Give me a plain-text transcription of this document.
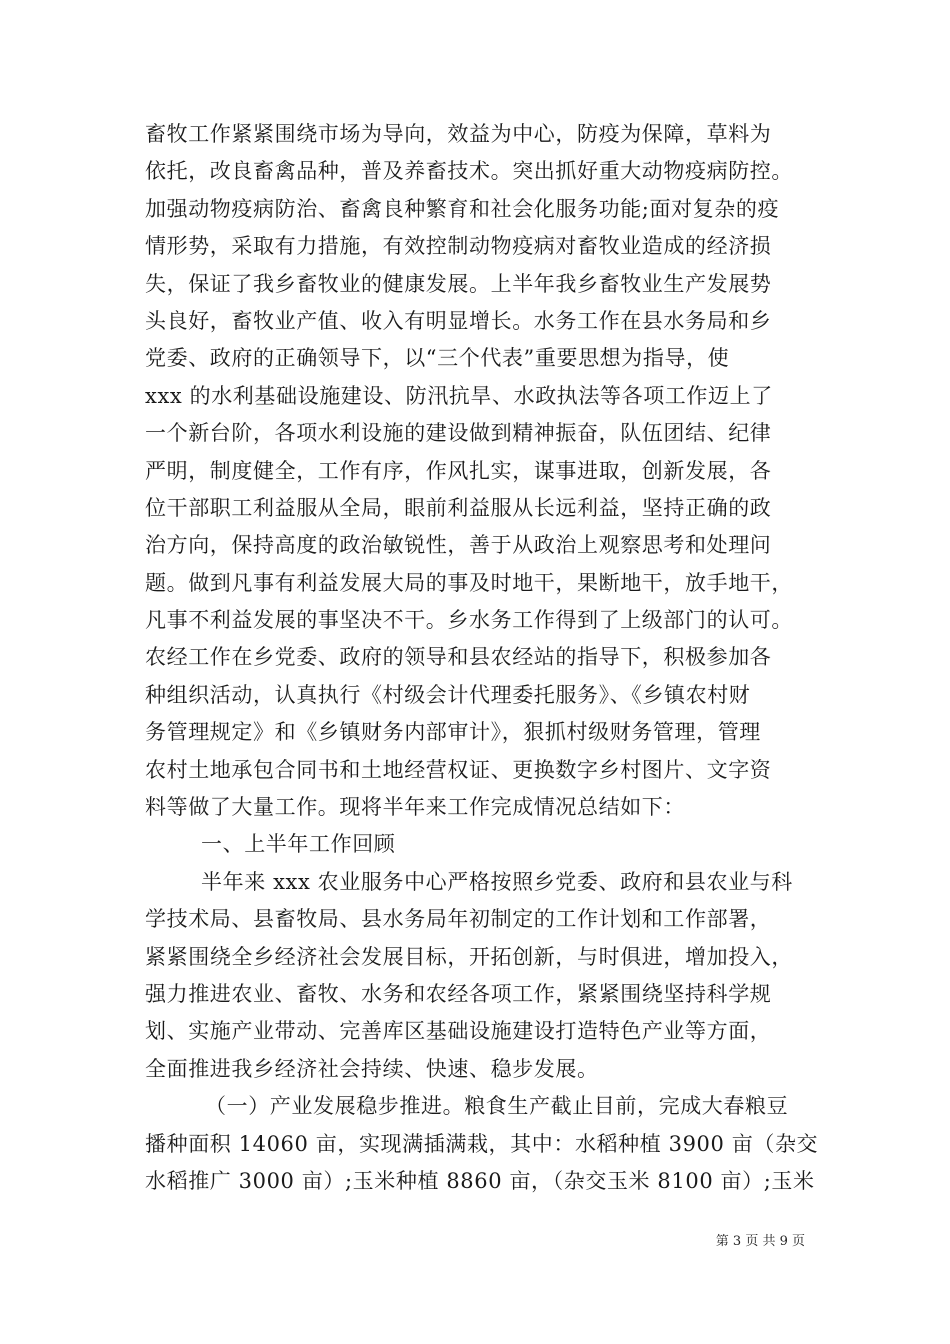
畜牧工作紧紧围绕市场为导向，效益为中心，防疫为保障，草料为
依托，改良畜禽品种，普及养畜技术。突出抓好重大动物疫病防控。
加强动物疫病防治、畜禽良种繁育和社会化服务功能;面对复杂的疫
情形势，采取有力措施，有效控制动物疫病对畜牧业造成的经济损
失，保证了我乡畜牧业的健康发展。上半年我乡畜牧业生产发展势
头良好，畜牧业产值、收入有明显增长。水务工作在县水务局和乡
党委、政府的正确领导下，以“三个代表”重要思想为指导，使
xxx 的水利基础设施建设、防汛抗旱、水政执法等各项工作迈上了
一个新台阶，各项水利设施的建设做到精神振奋，队伍团结、纪律
严明，制度健全，工作有序，作风扎实，谋事进取，创新发展，各
位干部职工利益服从全局，眼前利益服从长远利益，坚持正确的政
治方向，保持高度的政治敏锐性，善于从政治上观察思考和处理问
题。做到凡事有利益发展大局的事及时地干，果断地干，放手地干，
凡事不利益发展的事坚决不干。乡水务工作得到了上级部门的认可。
农经工作在乡党委、政府的领导和县农经站的指导下，积极参加各
种组织活动，认真执行《村级会计代理委托服务》、《乡镇农村财
务管理规定》和《乡镇财务内部审计》，狠抓村级财务管理，管理
农村土地承包合同书和土地经营权证、更换数字乡村图片、文字资
料等做了大量工作。现将半年来工作完成情况总结如下：
一、上半年工作回顾
半年来 xxx 农业服务中心严格按照乡党委、政府和县农业与科
学技术局、县畜牧局、县水务局年初制定的工作计划和工作部署，
紧紧围绕全乡经济社会发展目标，开拓创新，与时俱进，增加投入，
强力推进农业、畜牧、水务和农经各项工作，紧紧围绕坚持科学规
划、实施产业带动、完善库区基础设施建设打造特色产业等方面，
全面推进我乡经济社会持续、快速、稳步发展。
（一）产业发展稳步推进。粮食生产截止目前，完成大春粮豆
播种面积 14060 亩，实现满插满栽，其中：水稻种植 3900 亩（杂交
水稻推广 3000 亩）;玉米种植 8860 亩，（杂交玉米 8100 亩）;玉米
第 3 页 共 9 页
